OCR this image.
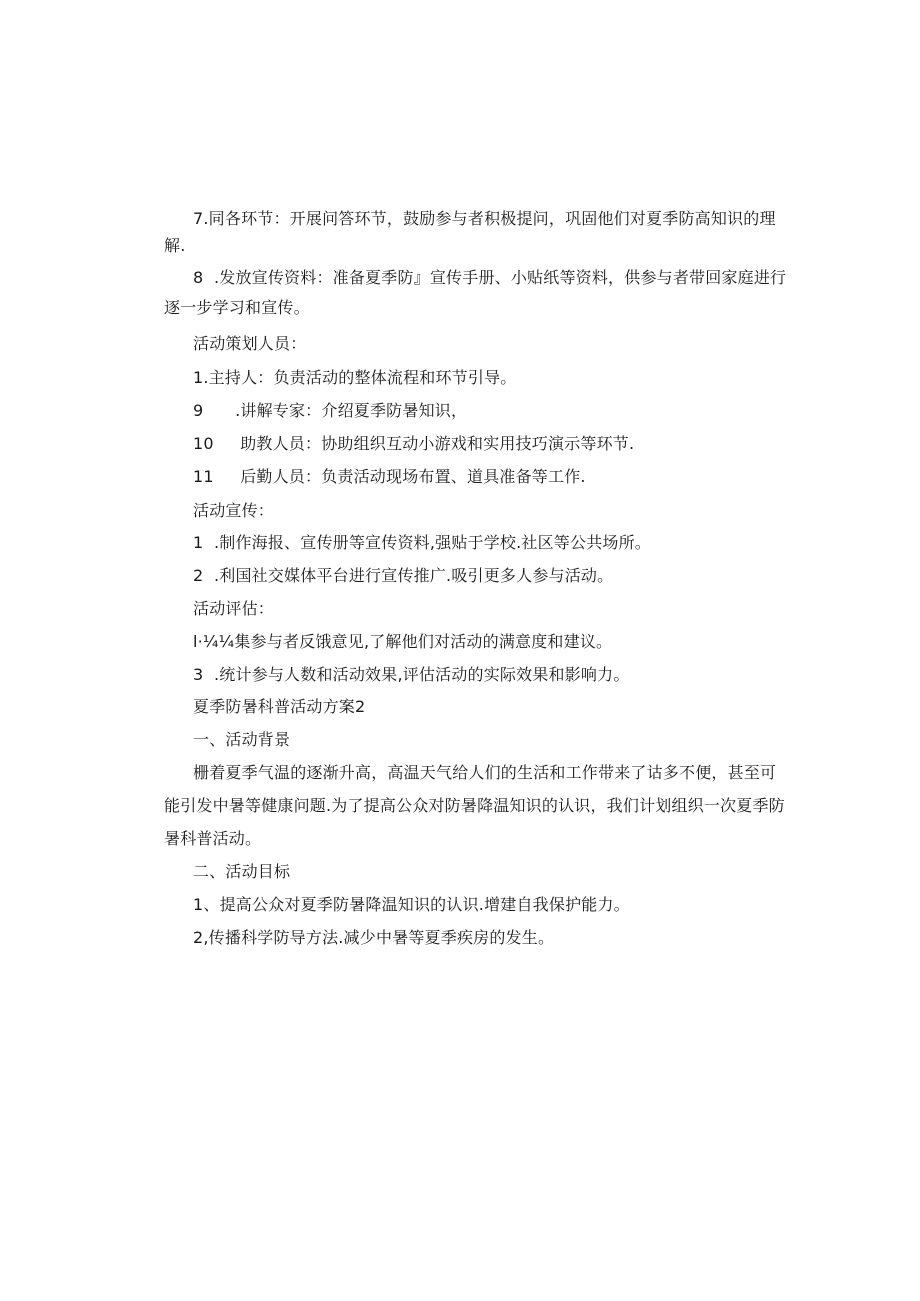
7.同各环节：开展问答环节，鼓励参与者积极提问，巩固他们对夏季防高知识的理
解.
8  .发放宣传资料：准备夏季防』宣传手册、小贴纸等资料，供参与者带回家庭进行
逐一步学习和宣传。
活动策划人员：
1.主持人：负责活动的整体流程和环节引导。
9      .讲解专家：介绍夏季防暑知识，
10     助教人员：协助组织互动小游戏和实用技巧演示等环节.
11     后勤人员：负责活动现场布置、道具准备等工作.
活动宣传：
1  .制作海报、宣传册等宣传资料,强贴于学校.社区等公共场所。
2  .利国社交媒体平台进行宣传推广.吸引更多人参与活动。
活动评估：
l·¼¼集参与者反饿意见,了解他们对活动的满意度和建议。
3  .统计参与人数和活动效果,评估活动的实际效果和影响力。
夏季防暑科普活动方案2
一、活动背景
栅着夏季气温的逐渐升高，高温天气给人们的生活和工作带来了诂多不便，甚至可
能引发中暑等健康问题.为了提高公众对防暑降温知识的认识，我们计划组织一次夏季防
暑科普活动。
二、活动目标
1、提高公众对夏季防暑降温知识的认识.增建自我保护能力。
2,传播科学防导方法.减少中暑等夏季疾房的发生。
